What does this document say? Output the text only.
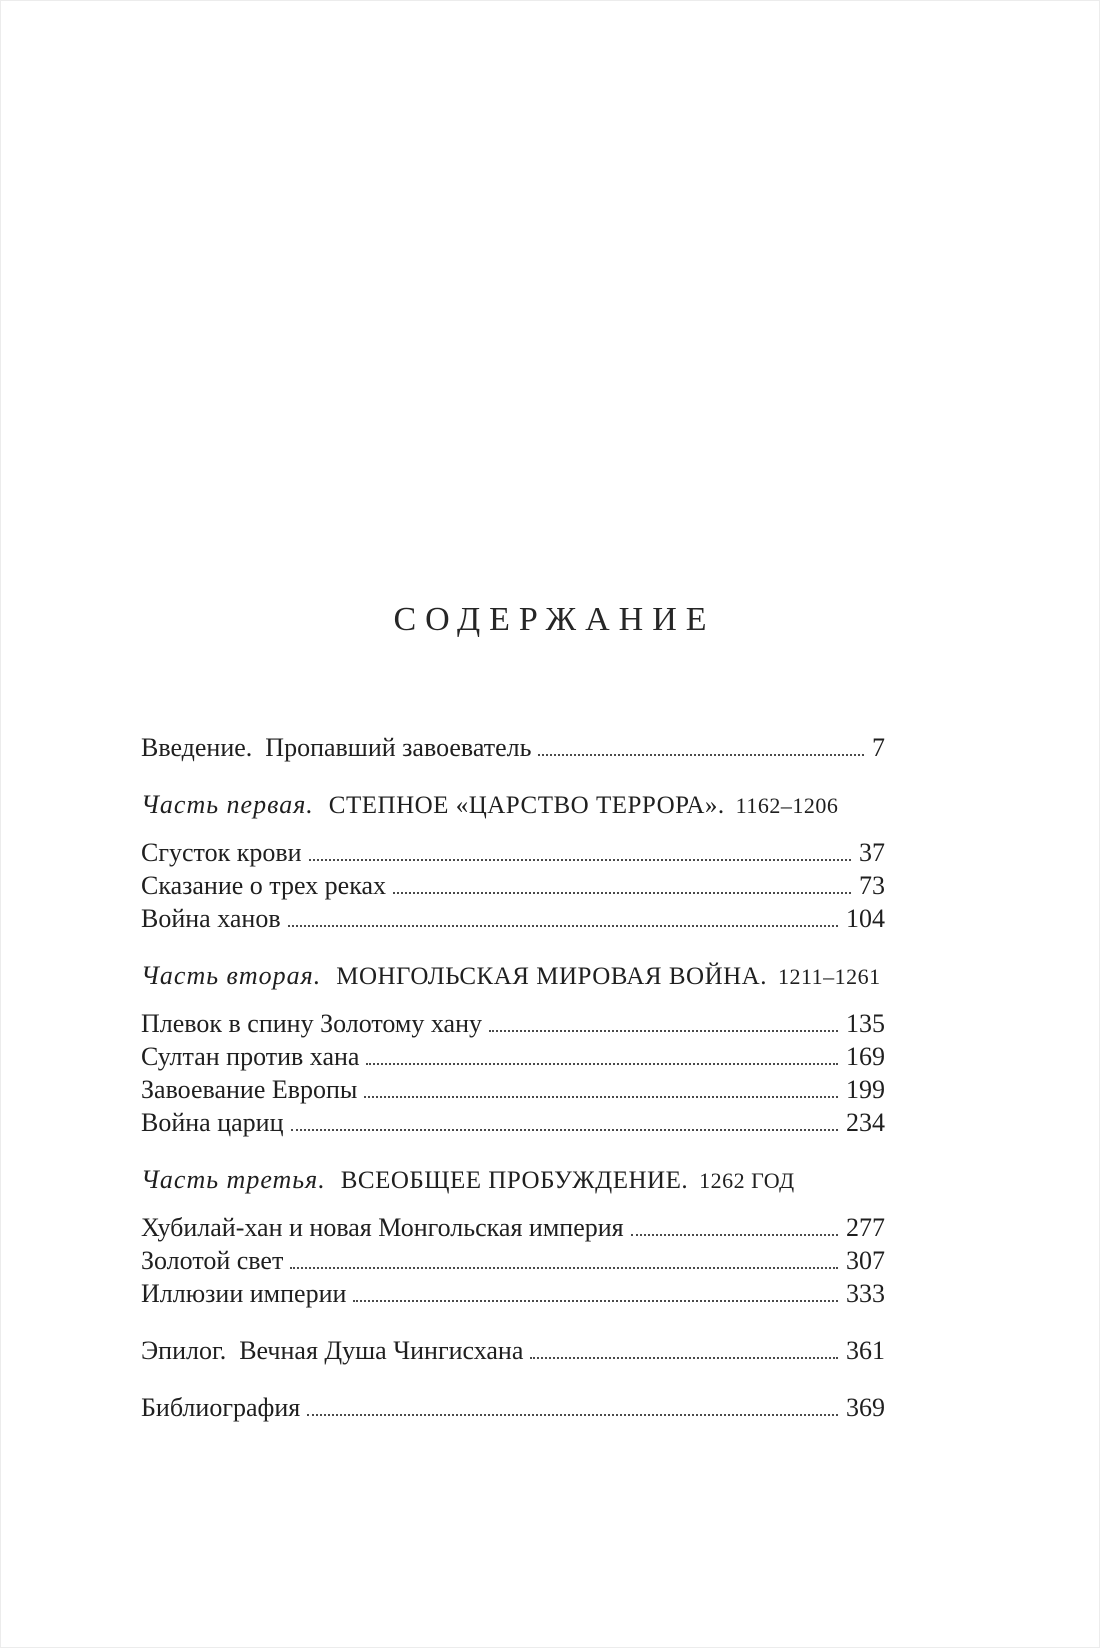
СОДЕРЖАНИЕ
Введение.  Пропавший завоеватель	7
Часть первая. СТЕПНОЕ «ЦАРСТВО ТЕРРОРА». 1162–1206
Сгусток крови	37
Сказание о трех реках	73
Война ханов	104
Часть вторая. МОНГОЛЬСКАЯ МИРОВАЯ ВОЙНА. 1211–1261
Плевок в спину Золотому хану	135
Султан против хана	169
Завоевание Европы	199
Война цариц	234
Часть третья. ВСЕОБЩЕЕ ПРОБУЖДЕНИЕ. 1262 ГОД
Хубилай-хан и новая Монгольская империя	277
Золотой свет	307
Иллюзии империи	333
Эпилог.  Вечная Душа Чингисхана	361
Библиография	369
